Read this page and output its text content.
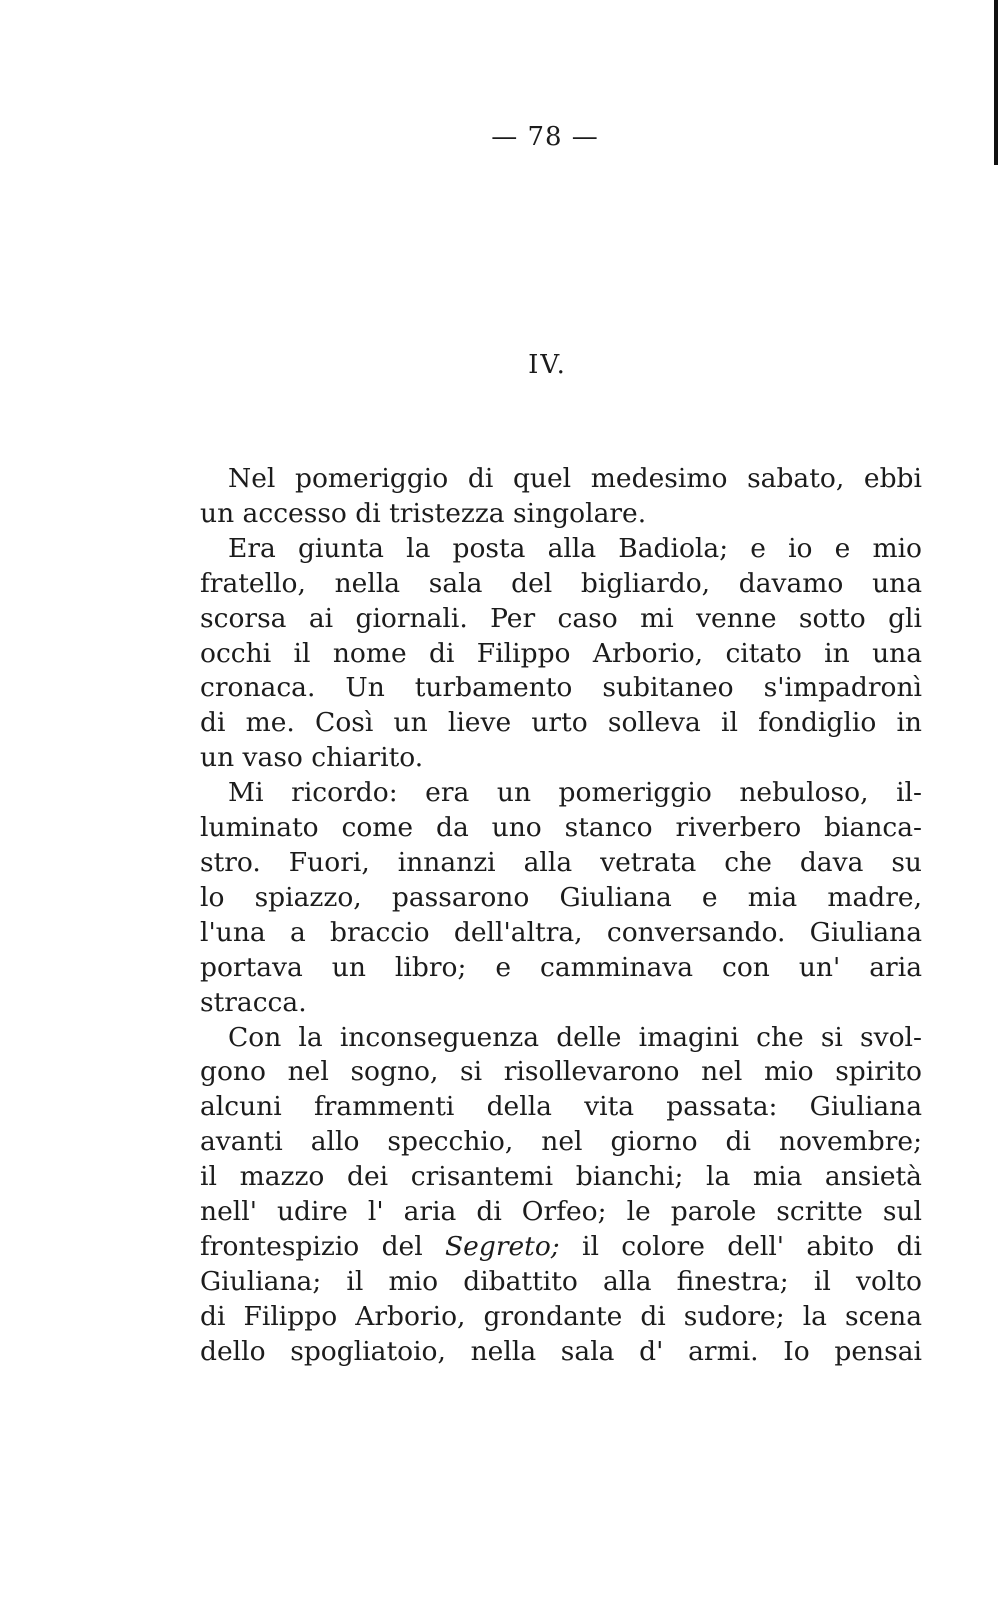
— 78 —
IV.

Nel pomeriggio di quel medesimo sabato, ebbi
un accesso di tristezza singolare.

Era giunta la posta alla Badiola; e io e mio
fratello, nella sala del bigliardo, davamo una
scorsa ai giornali. Per caso mi venne sotto gli
occhi il nome di Filippo Arborio, citato in una
cronaca. Un turbamento subitaneo s'impadronì
di me. Così un lieve urto solleva il fondiglio in
un vaso chiarito.

Mi ricordo: era un pomeriggio nebuloso, il-
luminato come da uno stanco riverbero bianca-
stro. Fuori, innanzi alla vetrata che dava su
lo spiazzo, passarono Giuliana e mia madre,
l'una a braccio dell'altra, conversando. Giuliana
portava un libro; e camminava con un' aria
stracca.

Con la inconseguenza delle imagini che si svol-
gono nel sogno, si risollevarono nel mio spirito
alcuni frammenti della vita passata: Giuliana
avanti allo specchio, nel giorno di novembre;
il mazzo dei crisantemi bianchi; la mia ansietà
nell' udire l' aria di Orfeo; le parole scritte sul
frontespizio del Segreto; il colore dell' abito di
Giuliana; il mio dibattito alla finestra; il volto
di Filippo Arborio, grondante di sudore; la scena
dello spogliatoio, nella sala d' armi. Io pensai
